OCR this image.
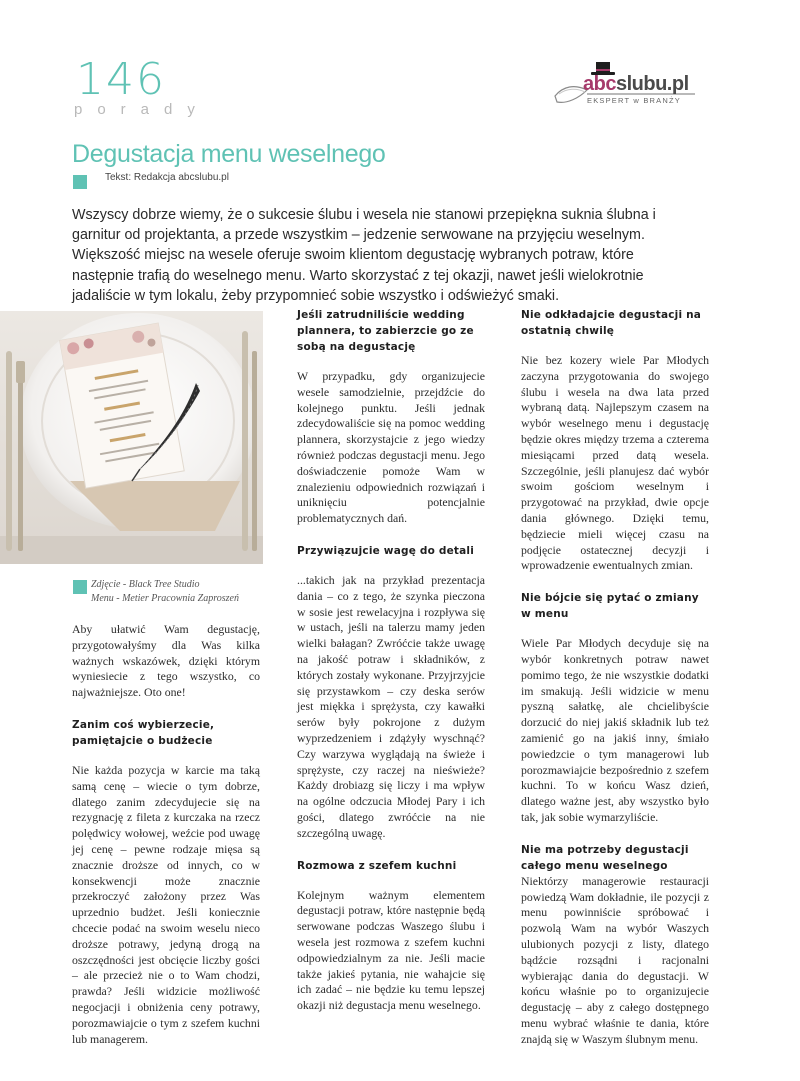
146
porady
abcslubu.pl
EKSPERT w BRANŻY
Degustacja menu weselnego
Tekst: Redakcja abcslubu.pl
Wszyscy dobrze wiemy, że o sukcesie ślubu i wesela nie stanowi przepiękna suknia ślubna i garnitur od projektanta, a przede wszystkim – jedzenie serwowane na przyjęciu weselnym. Większość miejsc na wesele oferuje swoim klientom degustację wybranych potraw, które następnie trafią do weselnego menu. Warto skorzystać z tej okazji, nawet jeśli wielokrotnie jadaliście w tym lokalu, żeby przypomnieć sobie wszystko i odświeżyć smaki.
Zdjęcie - Black Tree Studio
Menu - Metier Pracownia Zaproszeń

Aby ułatwić Wam degustację, przygotowałyśmy dla Was kilka ważnych wskazówek, dzięki którym wyniesiecie z tego wszystko, co najważniejsze. Oto one!

Zanim coś wybierzecie, pamiętajcie o budżecie

Nie każda pozycja w karcie ma taką samą cenę – wiecie o tym dobrze, dlatego zanim zdecydujecie się na rezygnację z fileta z kurczaka na rzecz polędwicy wołowej, weźcie pod uwagę jej cenę – pewne rodzaje mięsa są znacznie droższe od innych, co w konsekwencji może znacznie przekroczyć założony przez Was uprzednio budżet. Jeśli koniecznie chcecie podać na swoim weselu nieco droższe potrawy, jedyną drogą na oszczędności jest obcięcie liczby gości – ale przecież nie o to Wam chodzi, prawda? Jeśli widzicie możliwość negocjacji i obniżenia ceny potrawy, porozmawiajcie o tym z szefem kuchni lub managerem.

Jeśli zatrudniliście wedding plannera, to zabierzcie go ze sobą na degustację

W przypadku, gdy organizujecie wesele samodzielnie, przejdźcie do kolejnego punktu. Jeśli jednak zdecydowaliście się na pomoc wedding plannera, skorzystajcie z jego wiedzy również podczas degustacji menu. Jego doświadczenie pomoże Wam w znalezieniu odpowiednich rozwiązań i uniknięciu potencjalnie problematycznych dań.

Przywiązujcie wagę do detali

...takich jak na przykład prezentacja dania – co z tego, że szynka pieczona w sosie jest rewelacyjna i rozpływa się w ustach, jeśli na talerzu mamy jeden wielki bałagan? Zwróćcie także uwagę na jakość potraw i składników, z których zostały wykonane. Przyjrzyjcie się przystawkom – czy deska serów jest miękka i sprężysta, czy kawałki serów były pokrojone z dużym wyprzedzeniem i zdążyły wyschnąć? Czy warzywa wyglądają na świeże i sprężyste, czy raczej na nieświeże? Każdy drobiazg się liczy i ma wpływ na ogólne odczucia Młodej Pary i ich gości, dlatego zwróćcie na nie szczególną uwagę.

Rozmowa z szefem kuchni

Kolejnym ważnym elementem degustacji potraw, które następnie będą serwowane podczas Waszego ślubu i wesela jest rozmowa z szefem kuchni odpowiedzialnym za nie. Jeśli macie także jakieś pytania, nie wahajcie się ich zadać – nie będzie ku temu lepszej okazji niż degustacja menu weselnego.

Nie odkładajcie degustacji na ostatnią chwilę

Nie bez kozery wiele Par Młodych zaczyna przygotowania do swojego ślubu i wesela na dwa lata przed wybraną datą. Najlepszym czasem na wybór weselnego menu i degustację będzie okres między trzema a czterema miesiącami przed datą wesela. Szczególnie, jeśli planujesz dać wybór swoim gościom weselnym i przygotować na przykład, dwie opcje dania głównego. Dzięki temu, będziecie mieli więcej czasu na podjęcie ostatecznej decyzji i wprowadzenie ewentualnych zmian.

Nie bójcie się pytać o zmiany w menu

Wiele Par Młodych decyduje się na wybór konkretnych potraw nawet pomimo tego, że nie wszystkie dodatki im smakują. Jeśli widzicie w menu pyszną sałatkę, ale chcielibyście dorzucić do niej jakiś składnik lub też zamienić go na jakiś inny, śmiało powiedzcie o tym managerowi lub porozmawiajcie bezpośrednio z szefem kuchni. To w końcu Wasz dzień, dlatego ważne jest, aby wszystko było tak, jak sobie wymarzyliście.

Nie ma potrzeby degustacji całego menu weselnego

Niektórzy managerowie restauracji powiedzą Wam dokładnie, ile pozycji z menu powinniście spróbować i pozwolą Wam na wybór Waszych ulubionych pozycji z listy, dlatego bądźcie rozsądni i racjonalni wybierając dania do degustacji. W końcu właśnie po to organizujecie degustację – aby z całego dostępnego menu wybrać właśnie te dania, które znajdą się w Waszym ślubnym menu.
